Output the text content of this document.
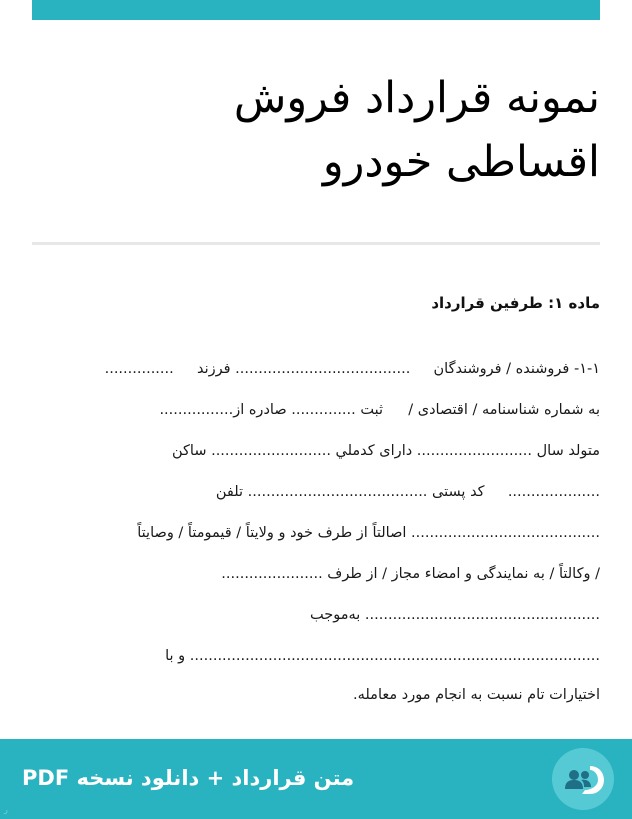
نمونه قرارداد فروش
اقساطی خودرو
ماده ۱: طرفین قرارداد
۱-۱- فروشنده / فروشندگان  ...................................... فرزند  ...............
به شماره شناسنامه / اقتصادی /  ثبت .............. صادره از................
متولد سال ......................... دارای کدملي .......................... ساکن
....................  کد پستی ....................................... تلفن
......................................... اصالتاً از طرف خود و ولایتاً / قیمومتاً / وصایتاً
/ وکالتاً / به نمایندگی و امضاء مجاز / از طرف ......................
................................................... به‌موجب
......................................................................................... و با
اختیارات تام نسبت به انجام مورد معامله.
متن قرارداد + دانلود نسخه PDF
ر
